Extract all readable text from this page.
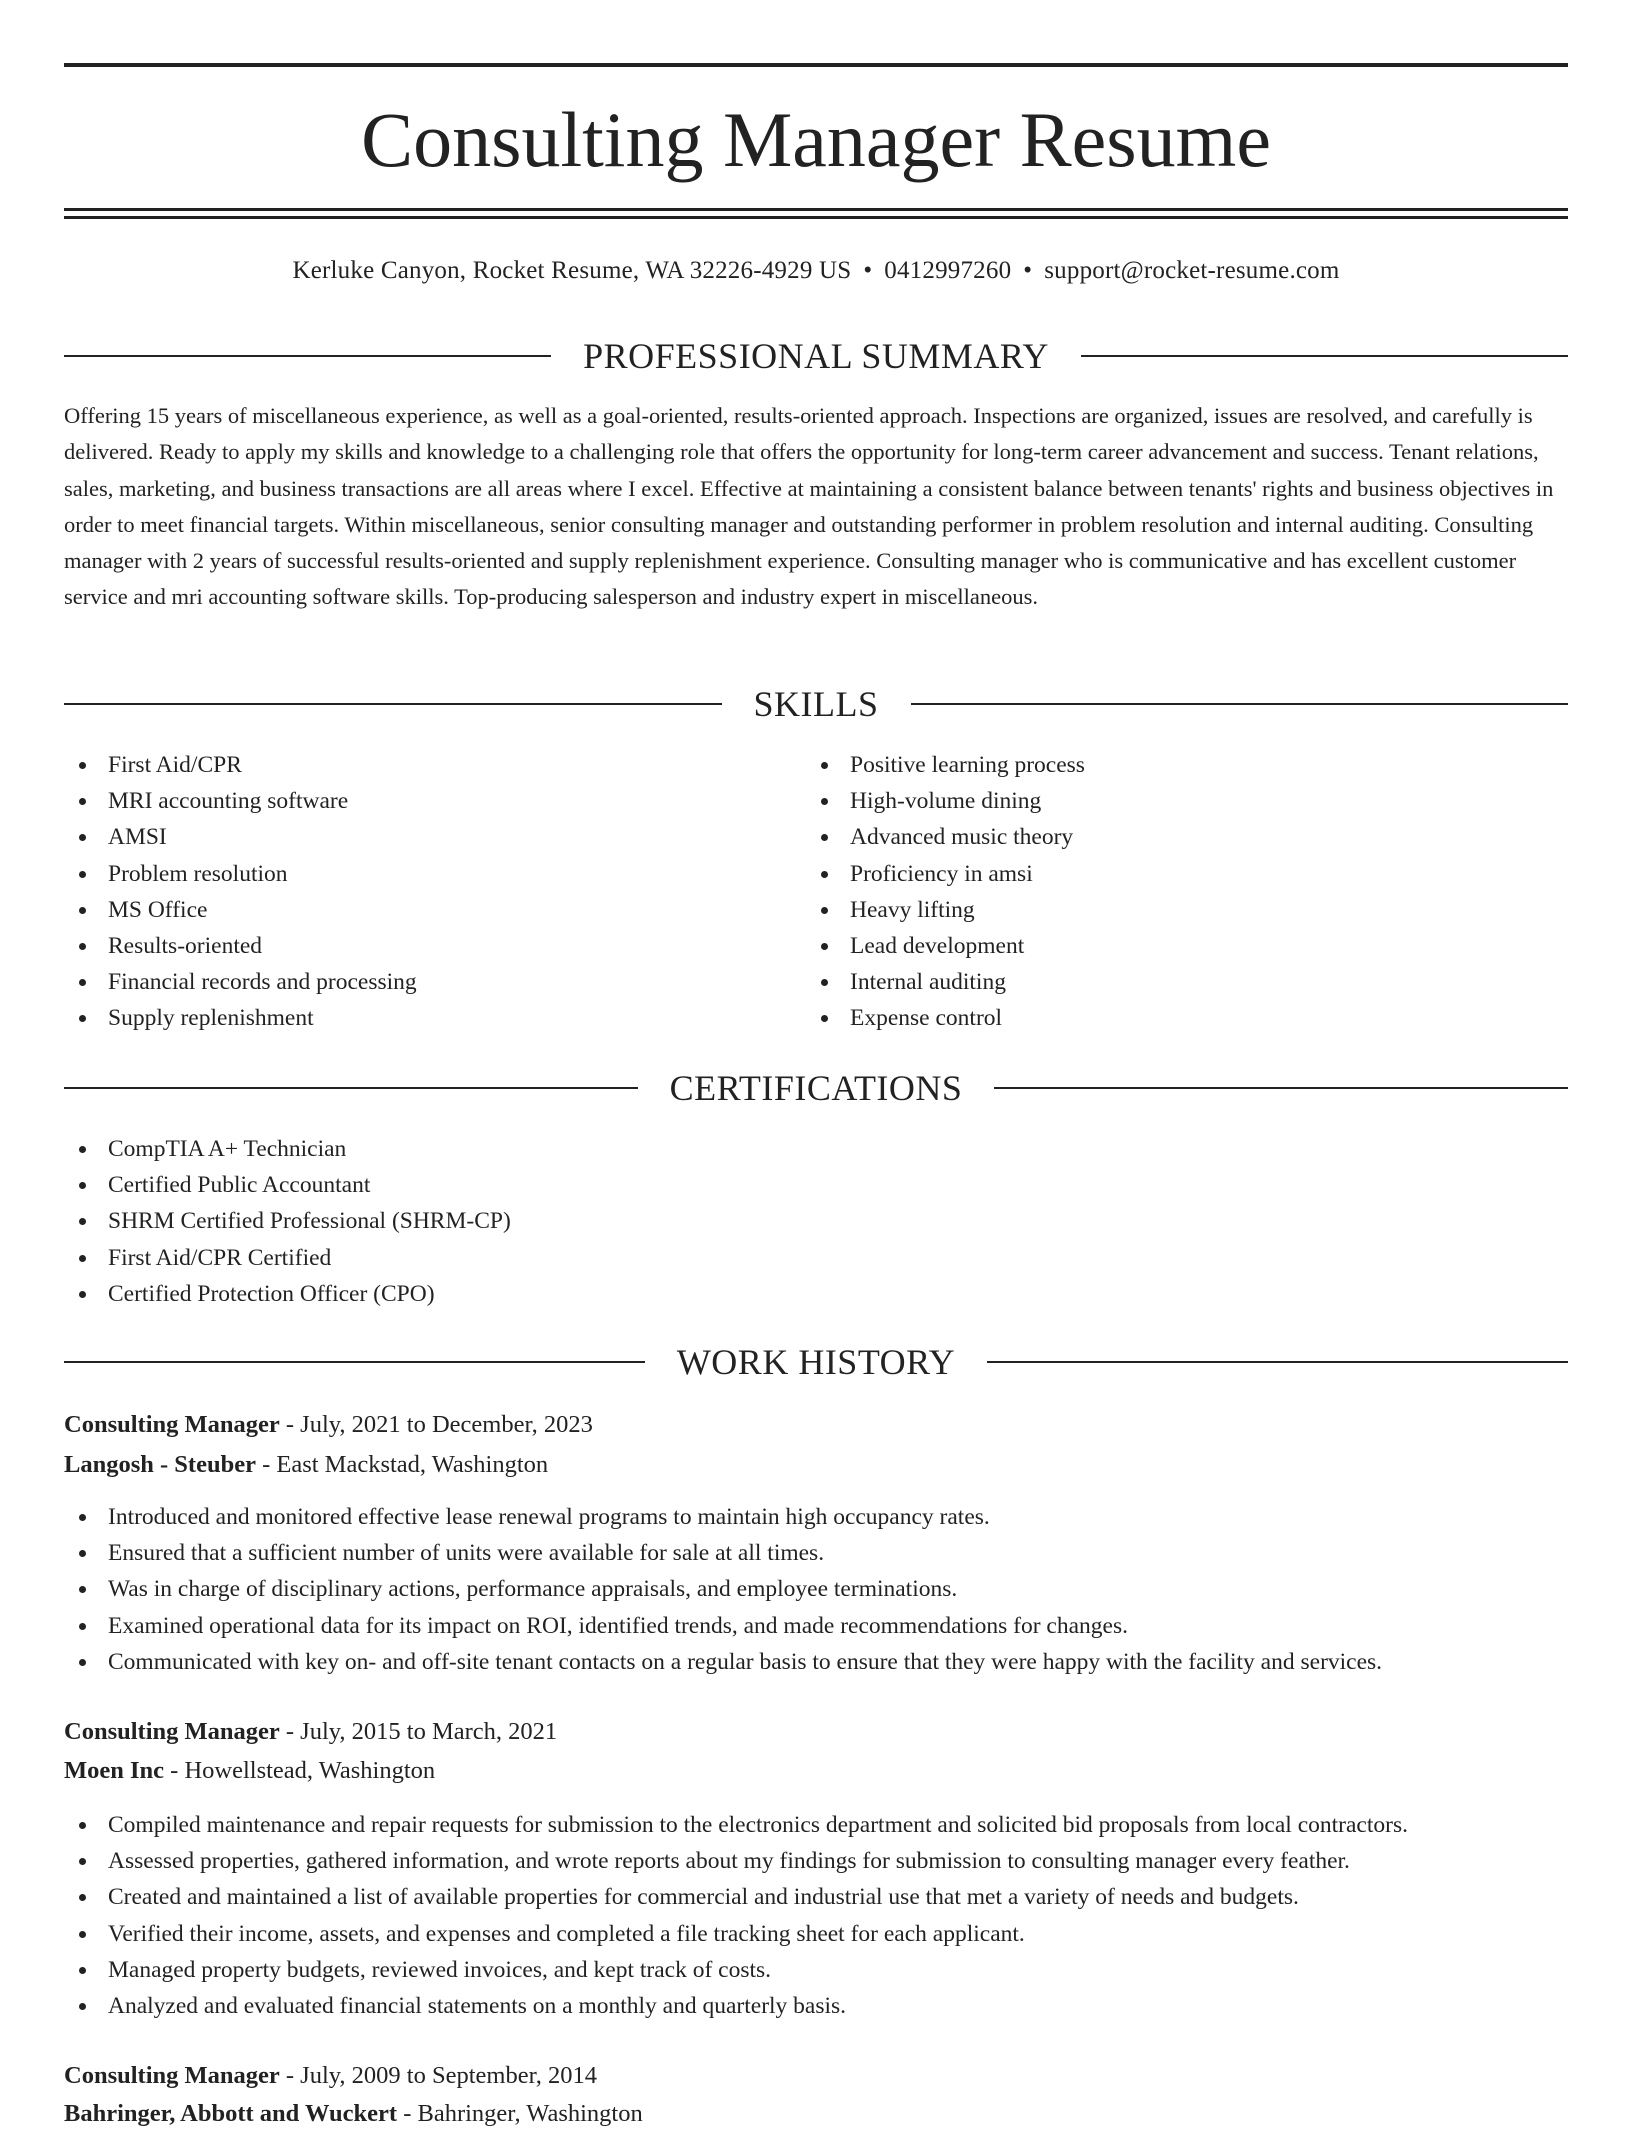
Consulting Manager Resume
Kerluke Canyon, Rocket Resume, WA 32226-4929 US • 0412997260 • support@rocket-resume.com
PROFESSIONAL SUMMARY

Offering 15 years of miscellaneous experience, as well as a goal-oriented, results-oriented approach. Inspections are organized, issues are resolved, and carefully is delivered. Ready to apply my skills and knowledge to a challenging role that offers the opportunity for long-term career advancement and success. Tenant relations, sales, marketing, and business transactions are all areas where I excel. Effective at maintaining a consistent balance between tenants' rights and business objectives in order to meet financial targets. Within miscellaneous, senior consulting manager and outstanding performer in problem resolution and internal auditing. Consulting manager with 2 years of successful results-oriented and supply replenishment experience. Consulting manager who is communicative and has excellent customer service and mri accounting software skills. Top-producing salesperson and industry expert in miscellaneous.

SKILLS
First Aid/CPR
MRI accounting software
AMSI
Problem resolution
MS Office
Results-oriented
Financial records and processing
Supply replenishment
Positive learning process
High-volume dining
Advanced music theory
Proficiency in amsi
Heavy lifting
Lead development
Internal auditing
Expense control
CERTIFICATIONS
CompTIA A+ Technician
Certified Public Accountant
SHRM Certified Professional (SHRM-CP)
First Aid/CPR Certified
Certified Protection Officer (CPO)
WORK HISTORY
Consulting Manager - July, 2021 to December, 2023
Langosh - Steuber - East Mackstad, Washington
Introduced and monitored effective lease renewal programs to maintain high occupancy rates.
Ensured that a sufficient number of units were available for sale at all times.
Was in charge of disciplinary actions, performance appraisals, and employee terminations.
Examined operational data for its impact on ROI, identified trends, and made recommendations for changes.
Communicated with key on- and off-site tenant contacts on a regular basis to ensure that they were happy with the facility and services.
Consulting Manager - July, 2015 to March, 2021
Moen Inc - Howellstead, Washington
Compiled maintenance and repair requests for submission to the electronics department and solicited bid proposals from local contractors.
Assessed properties, gathered information, and wrote reports about my findings for submission to consulting manager every feather.
Created and maintained a list of available properties for commercial and industrial use that met a variety of needs and budgets.
Verified their income, assets, and expenses and completed a file tracking sheet for each applicant.
Managed property budgets, reviewed invoices, and kept track of costs.
Analyzed and evaluated financial statements on a monthly and quarterly basis.
Consulting Manager - July, 2009 to September, 2014
Bahringer, Abbott and Wuckert - Bahringer, Washington
